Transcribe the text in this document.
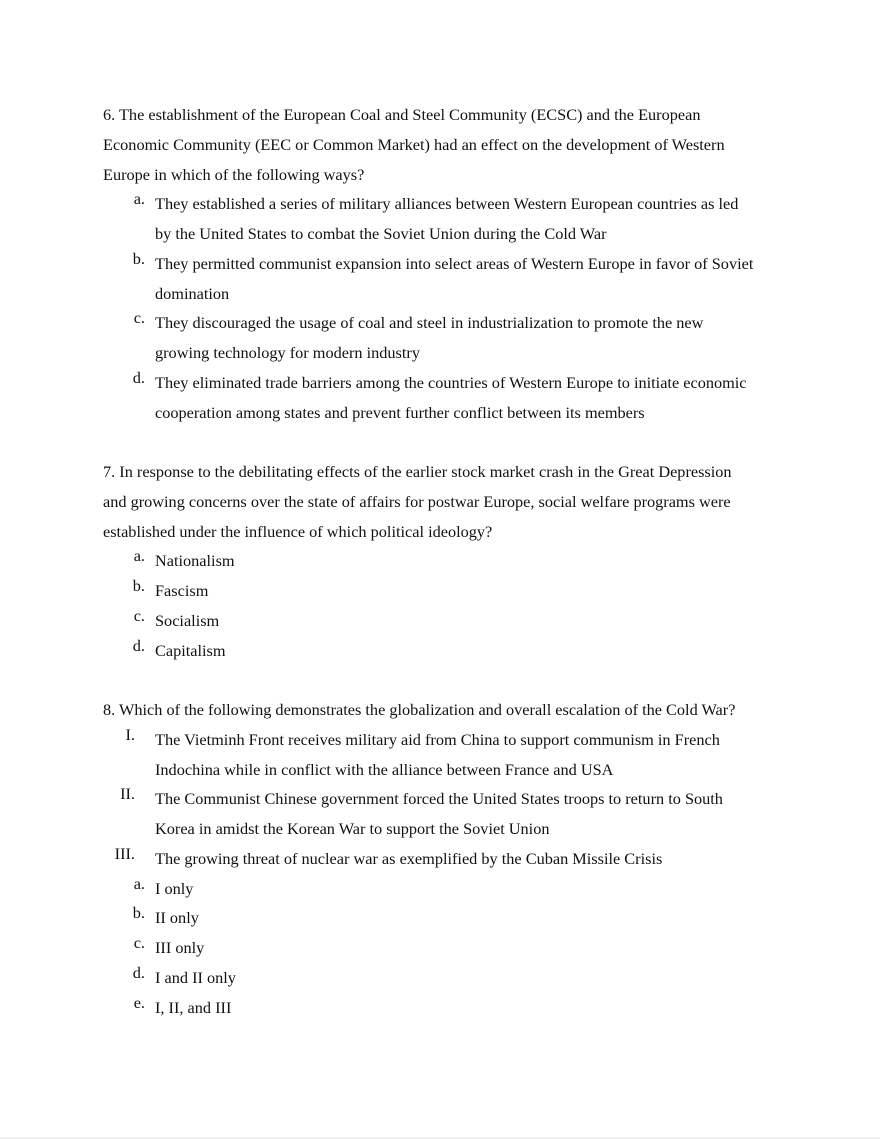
6. The establishment of the European Coal and Steel Community (ECSC) and the European
Economic Community (EEC or Common Market) had an effect on the development of Western
Europe in which of the following ways?
a. They established a series of military alliances between Western European countries as led
by the United States to combat the Soviet Union during the Cold War
b. They permitted communist expansion into select areas of Western Europe in favor of Soviet
domination
c. They discouraged the usage of coal and steel in industrialization to promote the new
growing technology for modern industry
d. They eliminated trade barriers among the countries of Western Europe to initiate economic
cooperation among states and prevent further conflict between its members
7. In response to the debilitating effects of the earlier stock market crash in the Great Depression
and growing concerns over the state of affairs for postwar Europe, social welfare programs were
established under the influence of which political ideology?
a. Nationalism
b. Fascism
c. Socialism
d. Capitalism
8. Which of the following demonstrates the globalization and overall escalation of the Cold War?
I. The Vietminh Front receives military aid from China to support communism in French
Indochina while in conflict with the alliance between France and USA
II. The Communist Chinese government forced the United States troops to return to South
Korea in amidst the Korean War to support the Soviet Union
III. The growing threat of nuclear war as exemplified by the Cuban Missile Crisis
a. I only
b. II only
c. III only
d. I and II only
e. I, II, and III
